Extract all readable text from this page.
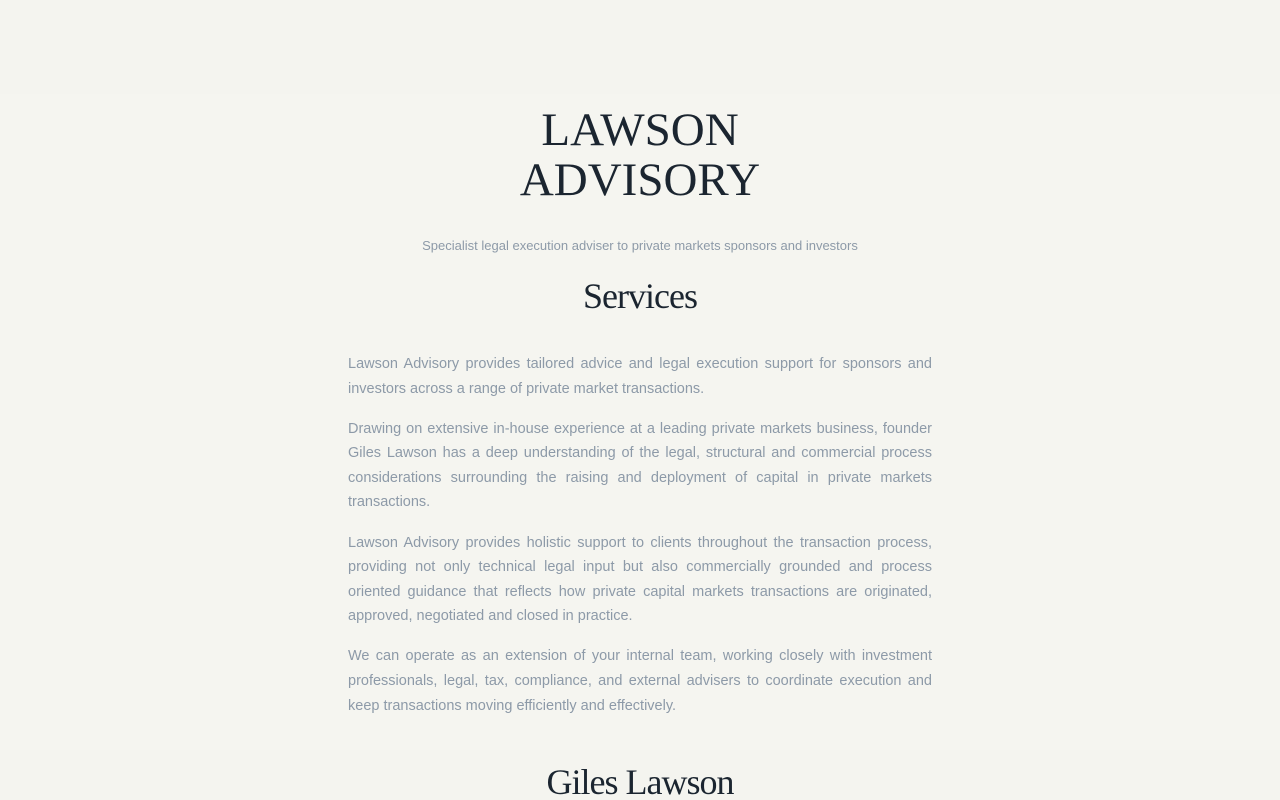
LAWSON
ADVISORY
Specialist legal execution adviser to private markets sponsors and investors
Services

Lawson Advisory provides tailored advice and legal execution support for sponsors and investors across a range of private market transactions.

Drawing on extensive in-house experience at a leading private markets business, founder Giles Lawson has a deep understanding of the legal, structural and commercial process considerations surrounding the raising and deployment of capital in private markets transactions.

Lawson Advisory provides holistic support to clients throughout the transaction process, providing not only technical legal input but also commercially grounded and process oriented guidance that reflects how private capital markets transactions are originated, approved, negotiated and closed in practice.

We can operate as an extension of your internal team, working closely with investment professionals, legal, tax, compliance, and external advisers to coordinate execution and keep transactions moving efficiently and effectively.

Giles Lawson
